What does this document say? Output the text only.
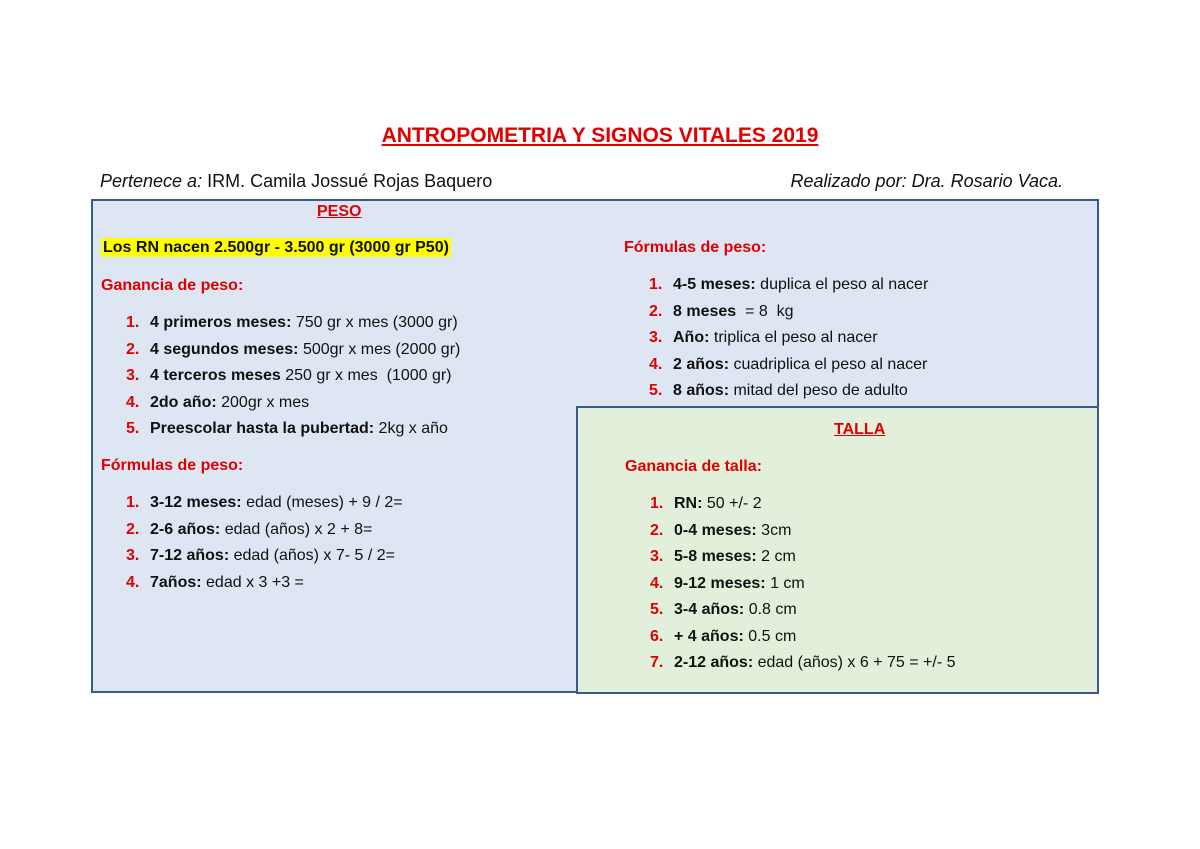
ANTROPOMETRIA Y SIGNOS VITALES 2019
Pertenece a: IRM. Camila Jossué Rojas Baquero	Realizado por: Dra. Rosario Vaca.
PESO
Los RN nacen 2.500gr - 3.500 gr (3000 gr P50)
Ganancia de peso:
1. 4 primeros meses: 750 gr x mes (3000 gr)
2. 4 segundos meses: 500gr x mes (2000 gr)
3. 4 terceros meses 250 gr x mes  (1000 gr)
4. 2do año: 200gr x mes
5. Preescolar hasta la pubertad: 2kg x año
Fórmulas de peso:
1. 3-12 meses: edad (meses) + 9 / 2=
2. 2-6 años: edad (años) x 2 + 8=
3. 7-12 años: edad (años) x 7- 5 / 2=
4. 7años: edad x 3 +3 =
Fórmulas de peso:
1. 4-5 meses: duplica el peso al nacer
2. 8 meses  = 8  kg
3. Año: triplica el peso al nacer
4. 2 años: cuadriplica el peso al nacer
5. 8 años: mitad del peso de adulto
TALLA
Ganancia de talla:
1. RN: 50 +/- 2
2. 0-4 meses: 3cm
3. 5-8 meses: 2 cm
4. 9-12 meses: 1 cm
5. 3-4 años: 0.8 cm
6. + 4 años: 0.5 cm
7. 2-12 años: edad (años) x 6 + 75 = +/- 5
